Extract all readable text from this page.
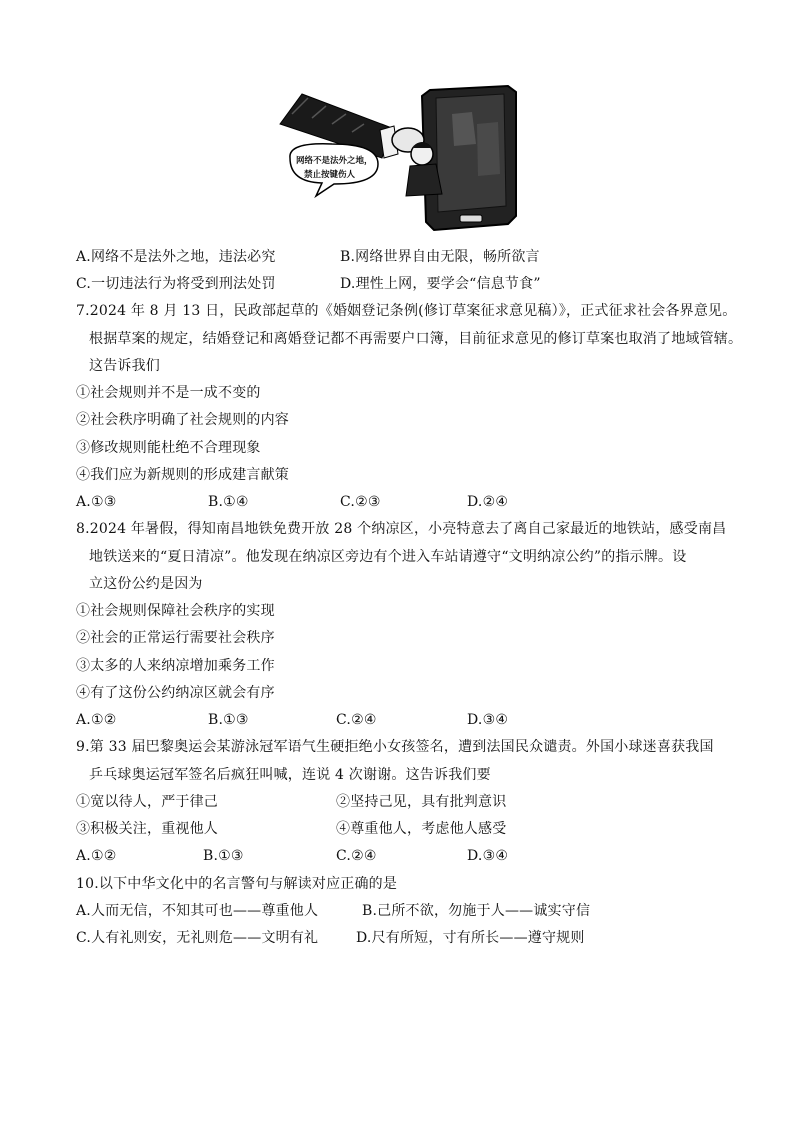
网络不是法外之地，
禁止按键伤人
A.网络不是法外之地，违法必究	B.网络世界自由无限，畅所欲言
C.一切违法行为将受到刑法处罚	D.理性上网，要学会“信息节食”
7.2024 年 8 月 13 日，民政部起草的《婚姻登记条例(修订草案征求意见稿）》，正式征求社会各界意见。
根据草案的规定，结婚登记和离婚登记都不再需要户口簿，目前征求意见的修订草案也取消了地域管辖。
这告诉我们
①社会规则并不是一成不变的
②社会秩序明确了社会规则的内容
③修改规则能杜绝不合理现象
④我们应为新规则的形成建言献策
A.①③	B.①④	C.②③	D.②④
8.2024 年暑假，得知南昌地铁免费开放 28 个纳凉区，小亮特意去了离自己家最近的地铁站，感受南昌
地铁送来的“夏日清凉”。他发现在纳凉区旁边有个进入车站请遵守“文明纳凉公约”的指示牌。设
立这份公约是因为
①社会规则保障社会秩序的实现
②社会的正常运行需要社会秩序
③太多的人来纳凉增加乘务工作
④有了这份公约纳凉区就会有序
A.①②	B.①③	C.②④	D.③④
9.第 33 届巴黎奥运会某游泳冠军语气生硬拒绝小女孩签名，遭到法国民众谴责。外国小球迷喜获我国
乒乓球奥运冠军签名后疯狂叫喊，连说 4 次谢谢。这告诉我们要
①宽以待人，严于律己	②坚持己见，具有批判意识
③积极关注，重视他人	④尊重他人，考虑他人感受
A.①②	B.①③	C.②④	D.③④
10.以下中华文化中的名言警句与解读对应正确的是
A.人而无信，不知其可也——尊重他人	B.己所不欲，勿施于人——诚实守信
C.人有礼则安，无礼则危——文明有礼	D.尺有所短，寸有所长——遵守规则
